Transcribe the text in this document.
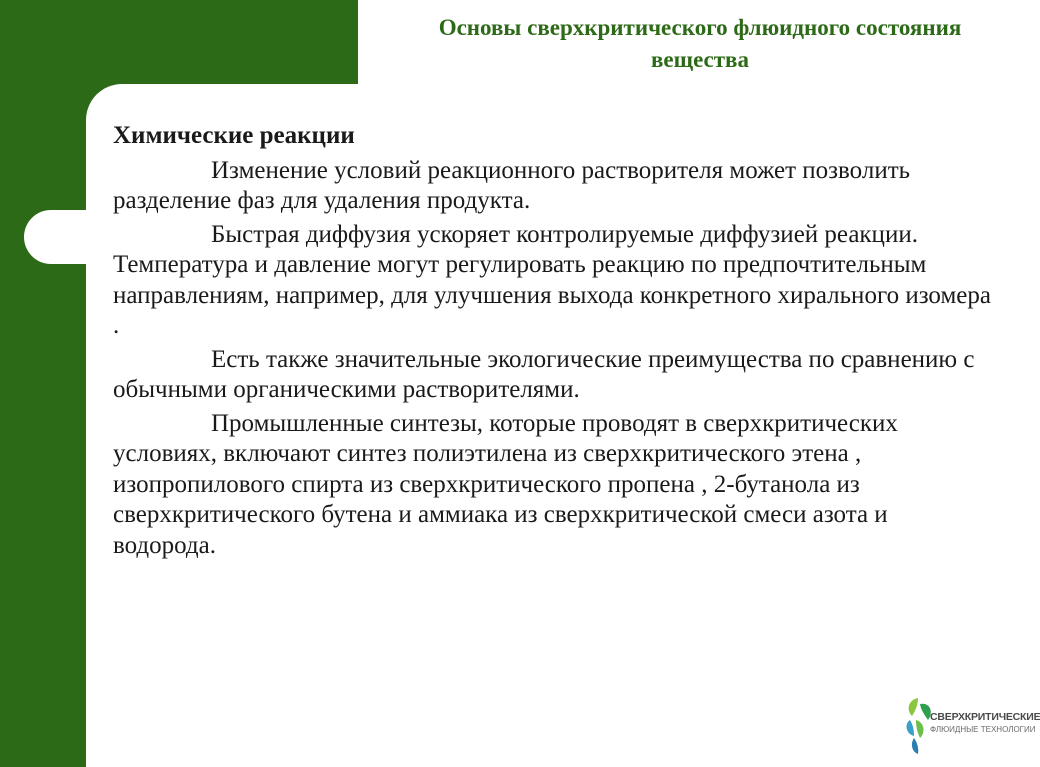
Основы сверхкритического флюидного состояния вещества
Химические реакции

Изменение условий реакционного растворителя может позволить разделение фаз для удаления продукта.

Быстрая диффузия ускоряет контролируемые диффузией реакции. Температура и давление могут регулировать реакцию по предпочтительным направлениям, например, для улучшения выхода конкретного хирального изомера .

Есть также значительные экологические преимущества по сравнению с обычными органическими растворителями.

Промышленные синтезы, которые проводят в сверхкритических условиях, включают синтез полиэтилена из сверхкритического этена , изопропилового спирта из сверхкритического пропена , 2-бутанола из сверхкритического бутена и аммиака из сверхкритической смеси азота и водорода.

СВЕРХКРИТИЧЕСКИЕ
ФЛЮИДНЫЕ ТЕХНОЛОГИИ
